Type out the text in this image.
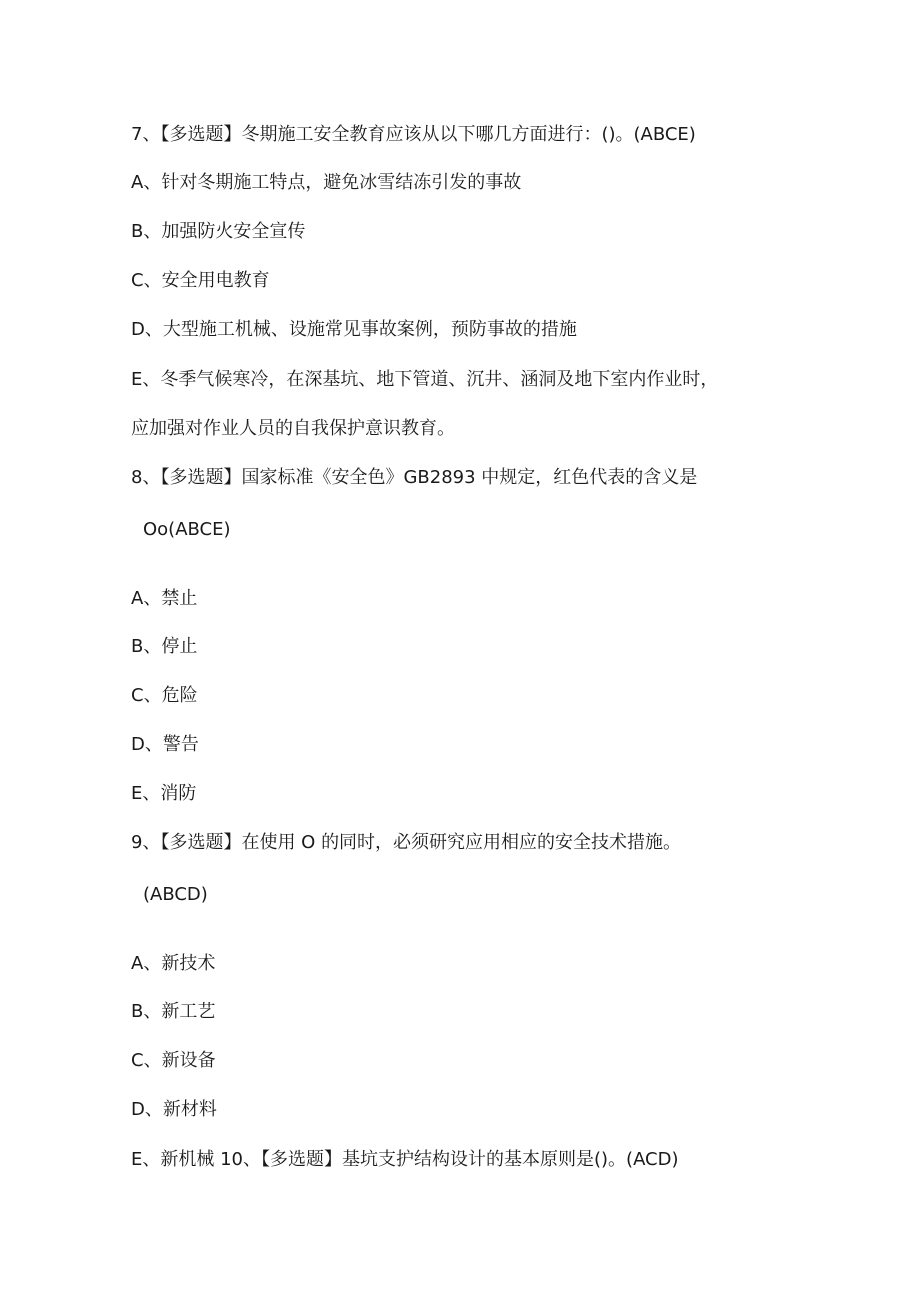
7、【多选题】冬期施工安全教育应该从以下哪几方面进行：()。(ABCE)
A、针对冬期施工特点，避免冰雪结冻引发的事故
B、加强防火安全宣传
C、安全用电教育
D、大型施工机械、设施常见事故案例，预防事故的措施
E、冬季气候寒冷，在深基坑、地下管道、沉井、涵洞及地下室内作业时，
应加强对作业人员的自我保护意识教育。
8、【多选题】国家标准《安全色》GB2893 中规定，红色代表的含义是
Oo(ABCE)
A、禁止
B、停止
C、危险
D、警告
E、消防
9、【多选题】在使用 O 的同时，必须研究应用相应的安全技术措施。
(ABCD)
A、新技术
B、新工艺
C、新设备
D、新材料
E、新机械 10、【多选题】基坑支护结构设计的基本原则是()。(ACD)
